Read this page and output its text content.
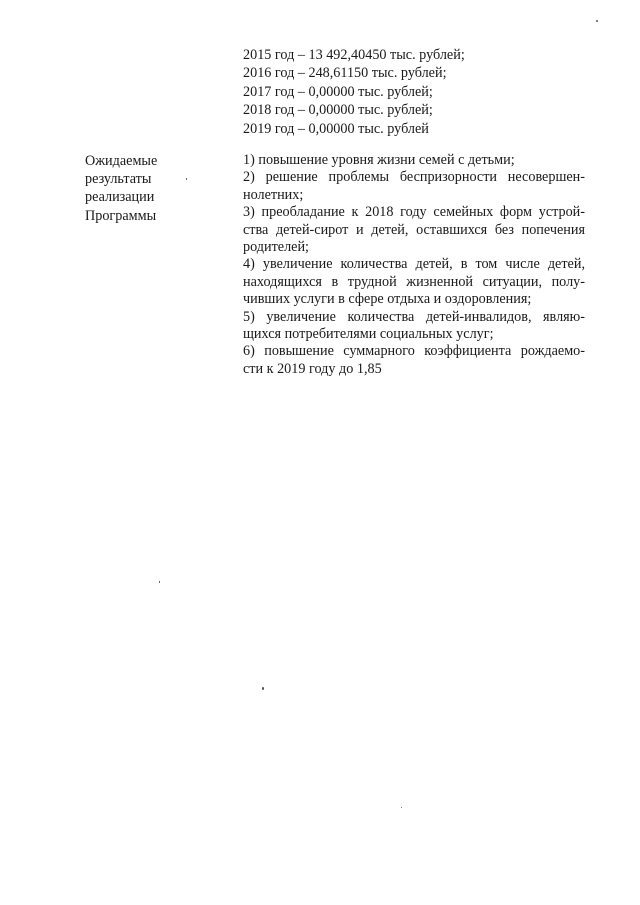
2015 год – 13 492,40450 тыс. рублей;
2016 год – 248,61150 тыс. рублей;
2017 год – 0,00000 тыс. рублей;
2018 год – 0,00000 тыс. рублей;
2019 год – 0,00000 тыс. рублей
Ожидаемые
результаты
реализации
Программы
1) повышение уровня жизни семей с детьми;
2) решение проблемы беспризорности несовершен-
нолетних;
3) преобладание к 2018 году семейных форм устрой-
ства детей-сирот и детей, оставшихся без попечения
родителей;
4) увеличение количества детей, в том числе детей,
находящихся в трудной жизненной ситуации, полу-
чивших услуги в сфере отдыха и оздоровления;
5) увеличение количества детей-инвалидов, являю-
щихся потребителями социальных услуг;
6) повышение суммарного коэффициента рождаемо-
сти к 2019 году до 1,85
